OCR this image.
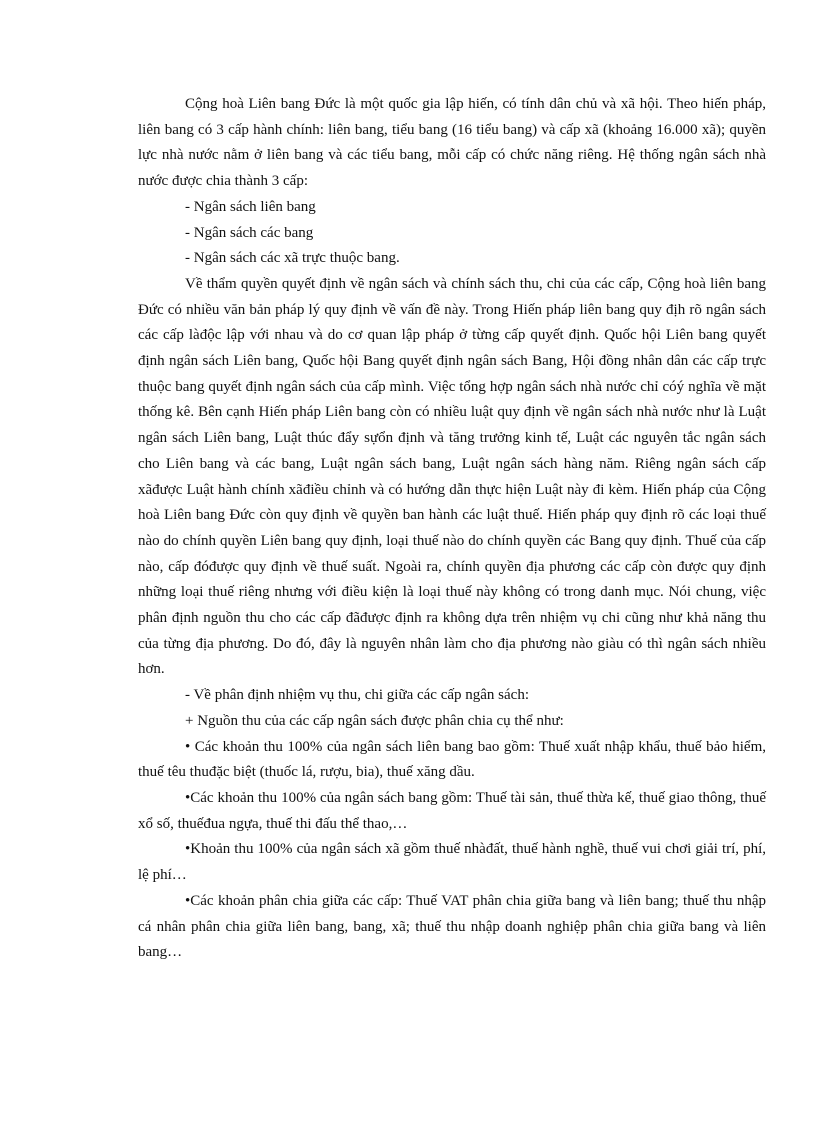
Cộng hoà Liên bang Đức là một quốc gia lập hiến, có tính dân chủ và xã hội. Theo hiến pháp, liên bang có 3 cấp hành chính: liên bang, tiểu bang (16 tiểu bang) và cấp xã (khoảng 16.000 xã); quyền lực nhà nước nằm ở liên bang và các tiểu bang, mỗi cấp có chức năng riêng. Hệ thống ngân sách nhà nước được chia thành 3 cấp:

- Ngân sách liên bang

- Ngân sách các bang

- Ngân sách các xã trực thuộc bang.

Về thẩm quyền quyết định về ngân sách và chính sách thu, chi của các cấp, Cộng hoà liên bang Đức có nhiều văn bản pháp lý quy định về vấn đề này. Trong Hiến pháp liên bang quy địh rõ ngân sách các cấp làđộc lập với nhau và do cơ quan lập pháp ở từng cấp quyết định. Quốc hội Liên bang quyết định ngân sách Liên bang, Quốc hội Bang quyết định ngân sách Bang, Hội đồng nhân dân các cấp trực thuộc bang quyết định ngân sách của cấp mình. Việc tổng hợp ngân sách nhà nước chỉ cóý nghĩa về mặt thống kê. Bên cạnh Hiến pháp Liên bang còn có nhiều luật quy định về ngân sách nhà nước như là Luật ngân sách Liên bang, Luật thúc đẩy sựổn định và tăng trưởng kinh tế, Luật các nguyên tắc ngân sách cho Liên bang và các bang, Luật ngân sách bang, Luật ngân sách hàng năm. Riêng ngân sách cấp xãđược Luật hành chính xãđiều chỉnh và có hướng dẫn thực hiện Luật này đi kèm. Hiến pháp của Cộng hoà Liên bang Đức còn quy định về quyền ban hành các luật thuế. Hiến pháp quy định rõ các loại thuế nào do chính quyền Liên bang quy định, loại thuế nào do chính quyền các Bang quy định. Thuế của cấp nào, cấp đóđược quy định về thuế suất. Ngoài ra, chính quyền địa phương các cấp còn được quy định những loại thuế riêng nhưng với điều kiện là loại thuế này không có trong danh mục. Nói chung, việc phân định nguồn thu cho các cấp đãđược định ra không dựa trên nhiệm vụ chi cũng như khả năng thu của từng địa phương. Do đó, đây là nguyên nhân làm cho địa phương nào giàu có thì ngân sách nhiều hơn.

- Về phân định nhiệm vụ thu, chi giữa các cấp ngân sách:

+ Nguồn thu của các cấp ngân sách được phân chia cụ thể như:

• Các khoản thu 100% của ngân sách liên bang bao gồm: Thuế xuất nhập khẩu, thuế bảo hiểm, thuế têu thuđặc biệt (thuốc lá, rượu, bia), thuế xăng dầu.

•Các khoản thu 100% của ngân sách bang gồm: Thuế tài sản, thuế thừa kế, thuế giao thông, thuế xổ số, thuếđua ngựa, thuế thi đấu thể thao,…

•Khoản thu 100% của ngân sách xã gồm thuế nhàđất, thuế hành nghề, thuế vui chơi giải trí, phí, lệ phí…

•Các khoản phân chia giữa các cấp: Thuế VAT phân chia giữa bang và liên bang; thuế thu nhập cá nhân phân chia giữa liên bang, bang, xã; thuế thu nhập doanh nghiệp phân chia giữa bang và liên bang…
